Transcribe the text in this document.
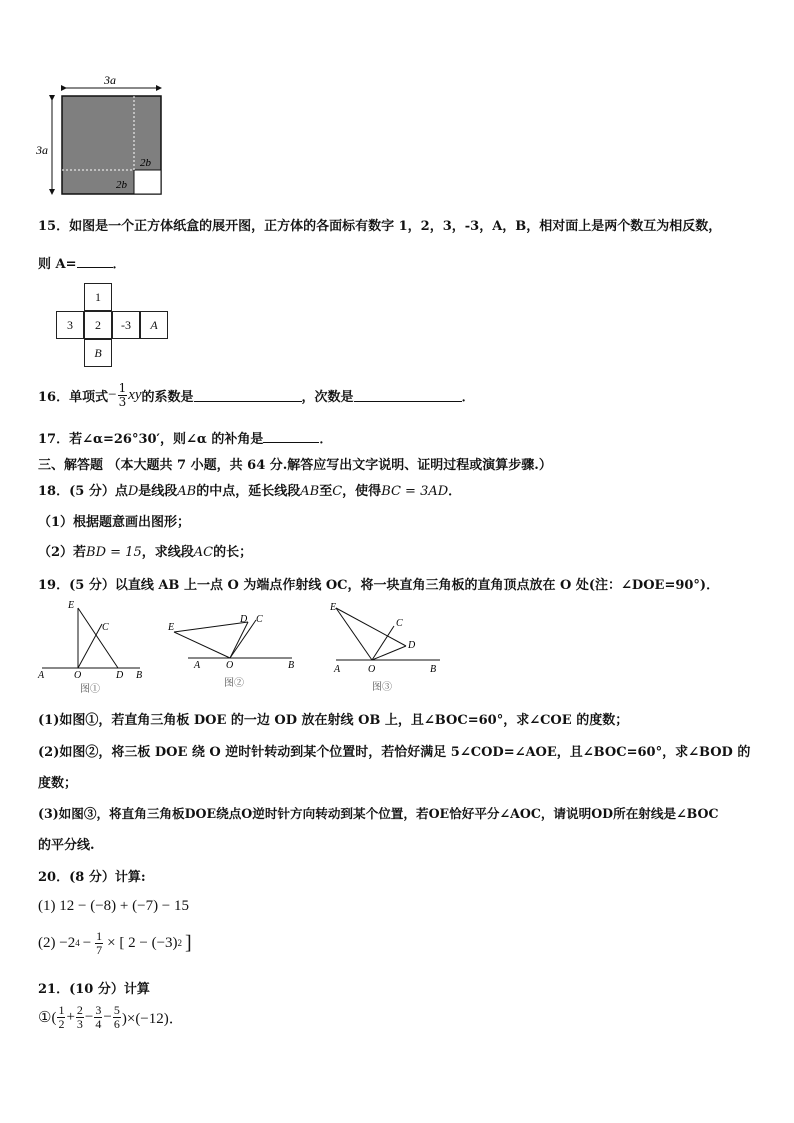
3a
3a
2b
2b
15．如图是一个正方体纸盒的展开图，正方体的各面标有数字 1，2，3，-3，A，B，相对面上是两个数互为相反数，
则 A=	．
1
3	2	-3	A
B
16．单项式 − $\frac{1}{3}$ xy 的系数是	，次数是	．
17．若∠α=26°30′，则∠α 的补角是	．
三、解答题 （本大题共 7 小题，共 64 分.解答应写出文字说明、证明过程或演算步骤.）
18．(5 分）点D是线段AB的中点，延长线段AB至C，使得BC = 3AD．
（1）根据题意画出图形；
（2）若BD = 15，求线段AC的长；
19．(5 分）以直线 AB 上一点 O 为端点作射线 OC，将一块直角三角板的直角顶点放在 O 处(注：∠DOE=90°)．
A	O	D B
E
C
图①
A	O	B
E
D C
图②
A	O	B
E
C
D
图③
(1)如图①，若直角三角板 DOE 的一边 OD 放在射线 OB 上，且∠BOC=60°，求∠COE 的度数；
(2)如图②，将三板 DOE 绕 O 逆时针转动到某个位置时，若恰好满足 5∠COD=∠AOE，且∠BOC=60°，求∠BOD 的
度数；
(3)如图③，将直角三角板DOE绕点O逆时针方向转动到某个位置，若OE恰好平分∠AOC，请说明OD所在射线是∠BOC
的平分线.
20．(8 分）计算:
(1) 12 − (−8) + (−7) − 15
(2) −2 $4 - \frac{1}{7}$ × [ 2 − (−3) 2 ]
21．(10 分）计算
①( $\frac{1}{2} + \frac{2}{3} - \frac{3}{4} - \frac{5}{6} )\times(-12)$．
